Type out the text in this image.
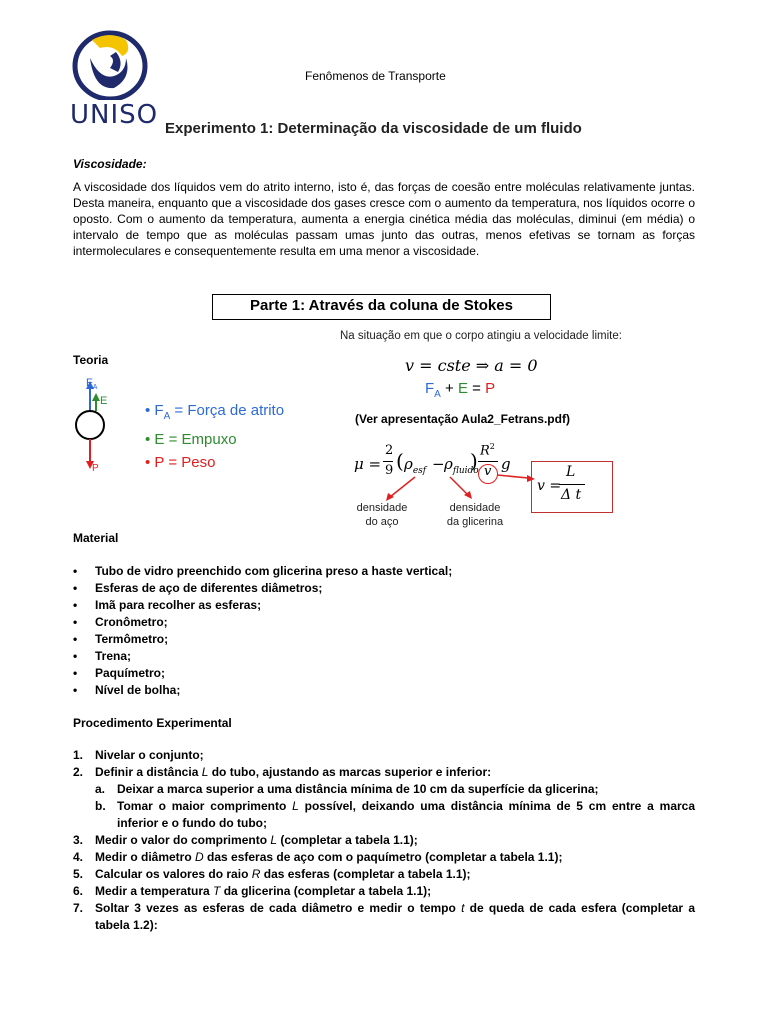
UNISO
Fenômenos de Transporte
Experimento 1: Determinação da viscosidade de um fluido
Viscosidade:
A viscosidade dos líquidos vem do atrito interno, isto é, das forças de coesão entre moléculas relativamente juntas. Desta maneira, enquanto que a viscosidade dos gases cresce com o aumento da temperatura, nos líquidos ocorre o oposto. Com o aumento da temperatura, aumenta a energia cinética média das moléculas, diminui (em média) o intervalo de tempo que as moléculas passam umas junto das outras, menos efetivas se tornam as forças intermoleculares e consequentemente resulta em uma menor a viscosidade.
Parte 1: Através da coluna de Stokes
Teoria
$F_A$
E
P
• $F_A$ = Força de atrito
• E = Empuxo
• P = Peso
Na situação em que o corpo atingiu a velocidade limite:
v = cste ⇒ a = 0
$F_A + E = P$
(Ver apresentação Aula2_Fetrans.pdf)
μ =
2
9 ( $\rho_{esf} - \rho_{fluido}$
) $R^2$
v g
v =
L
Δ t
densidade
do aço
densidade
da glicerina
Material
• Tubo de vidro preenchido com glicerina preso a haste vertical;
• Esferas de aço de diferentes diâmetros;
• Imã para recolher as esferas;
• Cronômetro;
• Termômetro;
• Trena;
• Paquímetro;
• Nível de bolha;
Procedimento Experimental
1. Nivelar o conjunto;
2. Definir a distância L do tubo, ajustando as marcas superior e inferior:
a. Deixar a marca superior a uma distância mínima de 10 cm da superfície da glicerina;
b. Tomar o maior comprimento L possível, deixando uma distância mínima de 5 cm entre a marca inferior e o fundo do tubo;
3. Medir o valor do comprimento L (completar a tabela 1.1);
4. Medir o diâmetro D das esferas de aço com o paquímetro (completar a tabela 1.1);
5. Calcular os valores do raio R das esferas (completar a tabela 1.1);
6. Medir a temperatura T da glicerina (completar a tabela 1.1);
7. Soltar 3 vezes as esferas de cada diâmetro e medir o tempo t de queda de cada esfera (completar a tabela 1.2):
